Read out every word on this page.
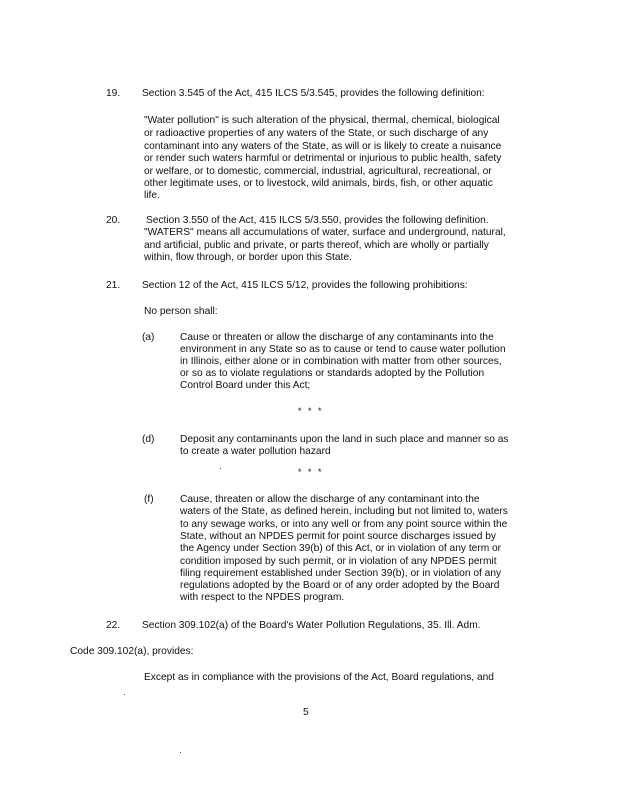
19. Section 3.545 of the Act, 415 ILCS 5/3.545, provides the following definition:
"Water pollution" is such alteration of the physical, thermal, chemical, biological
or radioactive properties of any waters of the State, or such discharge of any
contaminant into any waters of the State, as will or is likely to create a nuisance
or render such waters harmful or detrimental or injurious to public health, safety
or welfare, or to domestic, commercial, industrial, agricultural, recreational, or
other legitimate uses, or to livestock, wild animals, birds, fish, or other aquatic
life.
20.	Section 3.550 of the Act, 415 ILCS 5/3.550, provides the following definition.
"WATERS" means all accumulations of water, surface and underground, natural,
and artificial, public and private, or parts thereof, which are wholly or partially
within, flow through, or border upon this State.
21. Section 12 of the Act, 415 ILCS 5/12, provides the following prohibitions:
No person shall:
(a)	Cause or threaten or allow the discharge of any contaminants into the
environment in any State so as to cause or tend to cause water pollution
in Illinois, either alone or in combination with matter from other sources,
or so as to violate regulations or standards adopted by the Pollution
Control Board under this Act;
* * *
(d)	Deposit any contaminants upon the land in such place and manner so as
to create a water pollution hazard
* * *
(f)	Cause, threaten or allow the discharge of any contaminant into the
waters of the State, as defined herein, including but not limited to, waters
to any sewage works, or into any well or from any point source within the
State, without an NPDES permit for point source discharges issued by
the Agency under Section 39(b) of this Act, or in violation of any term or
condition imposed by such permit, or in violation of any NPDES permit
filing requirement established under Section 39(b), or in violation of any
regulations adopted by the Board or of any order adopted by the Board
with respect to the NPDES program.
22. Section 309.102(a) of the Board's Water Pollution Regulations, 35. Ill. Adm.
Code 309.102(a), provides:
Except as in compliance with the provisions of the Act, Board regulations, and
5
